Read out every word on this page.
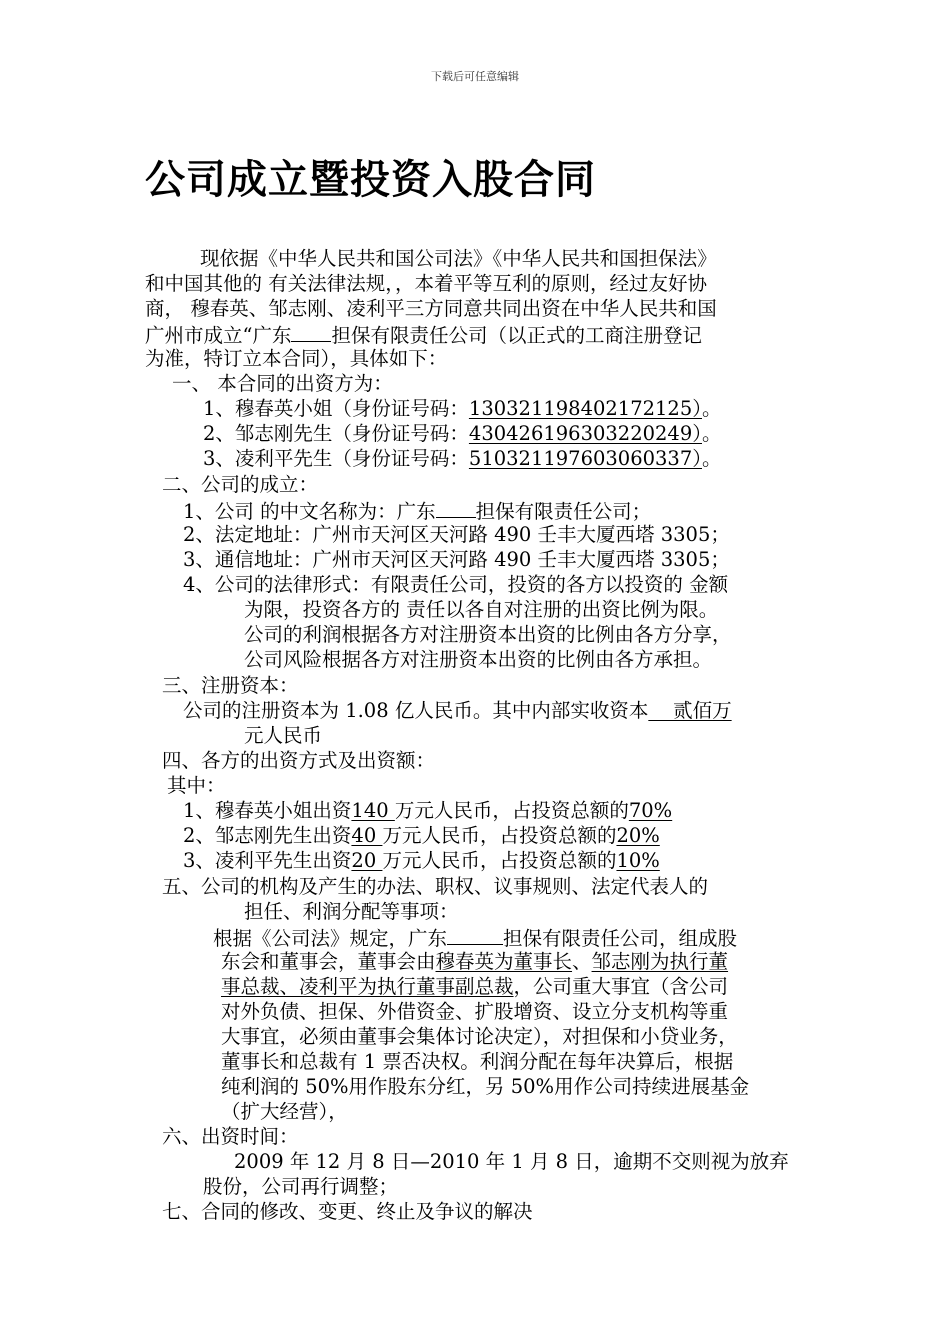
下载后可任意编辑
公司成立暨投资入股合同
现依据《中华人民共和国公司法》《中华人民共和国担保法》
和中国其他的 有关法律法规，，本着平等互利的原则，经过友好协
商， 穆春英、邹志刚、凌利平三方同意共同出资在中华人民共和国
广州市成立“广东 担保有限责任公司（以正式的工商注册登记
为准，特订立本合同），具体如下：
一、 本合同的出资方为：
1、穆春英小姐（身份证号码：130321198402172125）。
2、邹志刚先生（身份证号码：430426196303220249）。
3、凌利平先生（身份证号码：510321197603060337）。
二、公司的成立：
1、公司 的中文名称为：广东 担保有限责任公司；
2、法定地址：广州市天河区天河路 490 壬丰大厦西塔 3305；
3、通信地址：广州市天河区天河路 490 壬丰大厦西塔 3305；
4、公司的法律形式：有限责任公司，投资的各方以投资的 金额
为限，投资各方的 责任以各自对注册的出资比例为限。
公司的利润根据各方对注册资本出资的比例由各方分享，
公司风险根据各方对注册资本出资的比例由各方承担。
三、注册资本：
公司的注册资本为 1.08 亿人民币。其中内部实收资本    贰佰万
元人民币
四、各方的出资方式及出资额：
其中：
1、穆春英小姐出资140 万元人民币，占投资总额的70%
2、邹志刚先生出资40 万元人民币，占投资总额的20%
3、凌利平先生出资20 万元人民币，占投资总额的10%
五、公司的机构及产生的办法、职权、议事规则、法定代表人的
担任、利润分配等事项：
根据《公司法》规定，广东	担保有限责任公司，组成股
东会和董事会，董事会由穆春英为董事长、邹志刚为执行董
事总裁、凌利平为执行董事副总裁，公司重大事宜（含公司
对外负债、担保、外借资金、扩股增资、设立分支机构等重
大事宜，必须由董事会集体讨论决定），对担保和小贷业务，
董事长和总裁有 1 票否决权。利润分配在每年决算后，根据
纯利润的 50%用作股东分红，另 50%用作公司持续进展基金
（扩大经营），
六、出资时间：
2009 年 12 月 8 日—2010 年 1 月 8 日，逾期不交则视为放弃
股份，公司再行调整；
七、合同的修改、变更、终止及争议的解决
